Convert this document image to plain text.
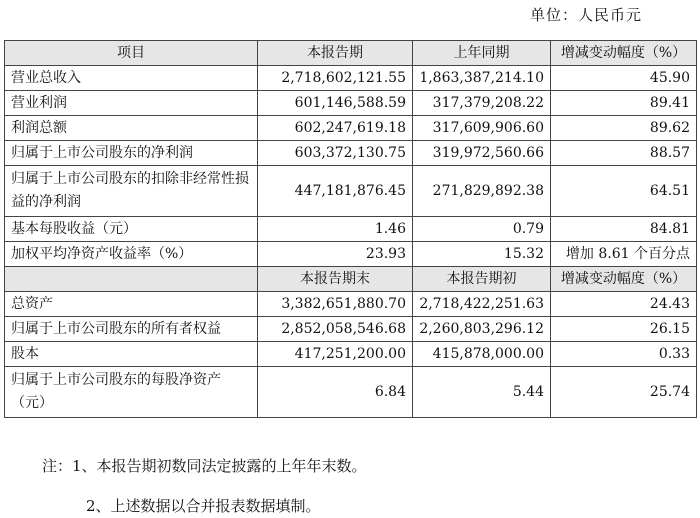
单位：人民币元
项目	本报告期	上年同期	增减变动幅度（%）
营业总收入	2,718,602,121.55	1,863,387,214.10	45.90
营业利润	601,146,588.59	317,379,208.22	89.41
利润总额	602,247,619.18	317,609,906.60	89.62
归属于上市公司股东的净利润	603,372,130.75	319,972,560.66	88.57
归属于上市公司股东的扣除非经常性损益的净利润	447,181,876.45	271,829,892.38	64.51
基本每股收益（元）	1.46	0.79	84.81
加权平均净资产收益率（%）	23.93	15.32	增加 8.61 个百分点
	本报告期末	本报告期初	增减变动幅度（%）
总资产	3,382,651,880.70	2,718,422,251.63	24.43
归属于上市公司股东的所有者权益	2,852,058,546.68	2,260,803,296.12	26.15
股本	417,251,200.00	415,878,000.00	0.33
归属于上市公司股东的每股净资产（元）	6.84	5.44	25.74
注：1、本报告期初数同法定披露的上年年末数。
2、上述数据以合并报表数据填制。
